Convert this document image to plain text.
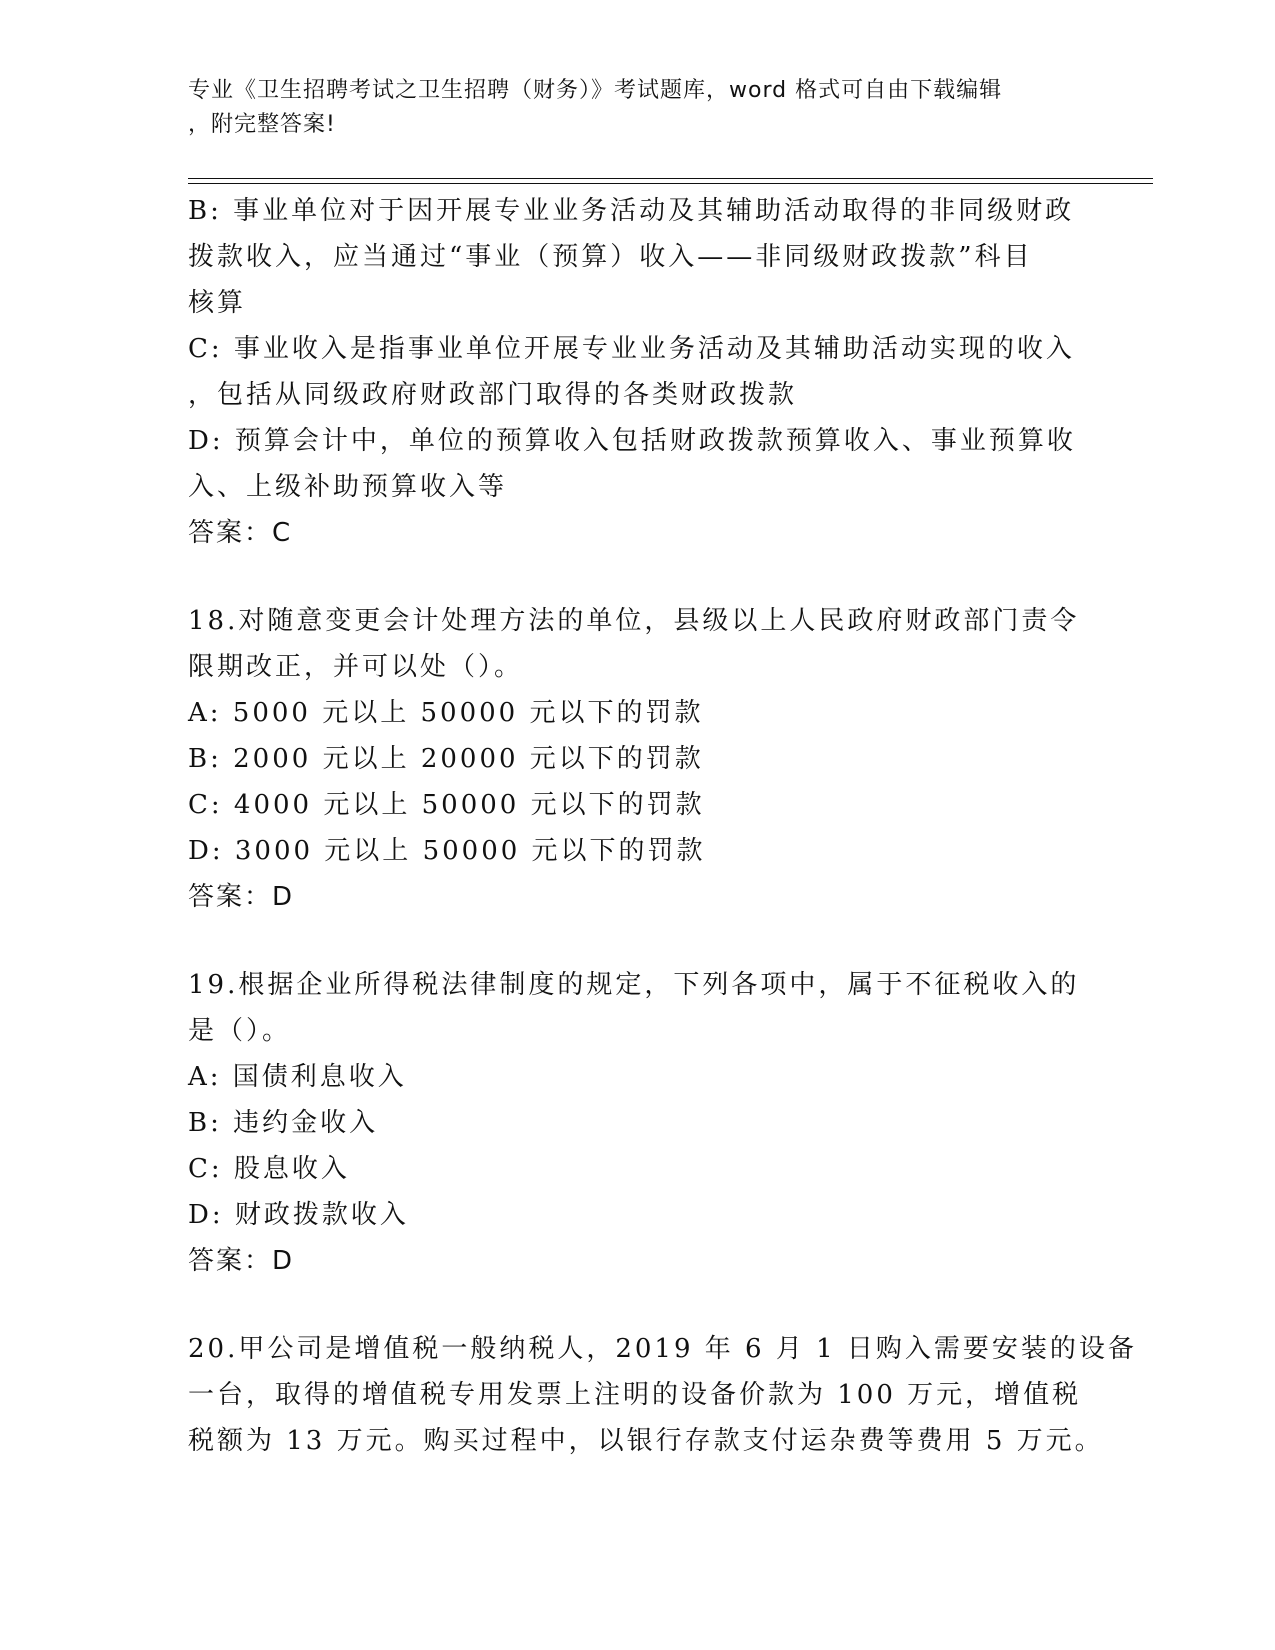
专业《卫生招聘考试之卫生招聘（财务）》考试题库，word 格式可自由下载编辑
，附完整答案!
B: 事业单位对于因开展专业业务活动及其辅助活动取得的非同级财政
拨款收入，应当通过“事业（预算）收入——非同级财政拨款”科目
核算
C: 事业收入是指事业单位开展专业业务活动及其辅助活动实现的收入
，包括从同级政府财政部门取得的各类财政拨款
D: 预算会计中，单位的预算收入包括财政拨款预算收入、事业预算收
入、上级补助预算收入等
答案：C
18.对随意变更会计处理方法的单位，县级以上人民政府财政部门责令
限期改正，并可以处（）。
A: 5000 元以上 50000 元以下的罚款
B: 2000 元以上 20000 元以下的罚款
C: 4000 元以上 50000 元以下的罚款
D: 3000 元以上 50000 元以下的罚款
答案：D
19.根据企业所得税法律制度的规定，下列各项中，属于不征税收入的
是（）。
A: 国债利息收入
B: 违约金收入
C: 股息收入
D: 财政拨款收入
答案：D
20.甲公司是增值税一般纳税人，2019 年 6 月 1 日购入需要安装的设备
一台，取得的增值税专用发票上注明的设备价款为 100 万元，增值税
税额为 13 万元。购买过程中，以银行存款支付运杂费等费用 5 万元。
